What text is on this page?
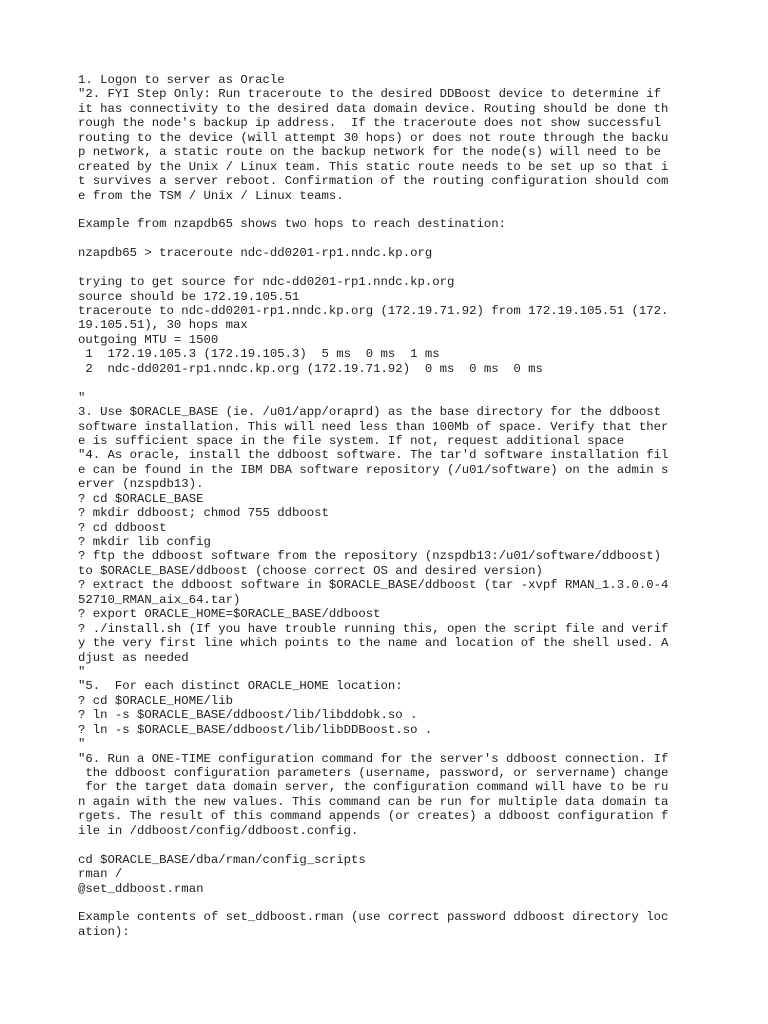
1. Logon to server as Oracle
"2. FYI Step Only: Run traceroute to the desired DDBoost device to determine if
it has connectivity to the desired data domain device. Routing should be done th
rough the node's backup ip address.  If the traceroute does not show successful
routing to the device (will attempt 30 hops) or does not route through the backu
p network, a static route on the backup network for the node(s) will need to be
created by the Unix / Linux team. This static route needs to be set up so that i
t survives a server reboot. Confirmation of the routing configuration should com
e from the TSM / Unix / Linux teams.
Example from nzapdb65 shows two hops to reach destination:
nzapdb65 > traceroute ndc-dd0201-rp1.nndc.kp.org
trying to get source for ndc-dd0201-rp1.nndc.kp.org
source should be 172.19.105.51
traceroute to ndc-dd0201-rp1.nndc.kp.org (172.19.71.92) from 172.19.105.51 (172.
19.105.51), 30 hops max
outgoing MTU = 1500
1  172.19.105.3 (172.19.105.3)  5 ms  0 ms  1 ms
2  ndc-dd0201-rp1.nndc.kp.org (172.19.71.92)  0 ms  0 ms  0 ms
"
3. Use $ORACLE_BASE (ie. /u01/app/oraprd) as the base directory for the ddboost
software installation. This will need less than 100Mb of space. Verify that ther
e is sufficient space in the file system. If not, request additional space
"4. As oracle, install the ddboost software. The tar'd software installation fil
e can be found in the IBM DBA software repository (/u01/software) on the admin s
erver (nzspdb13).
? cd $ORACLE_BASE
? mkdir ddboost; chmod 755 ddboost
? cd ddboost
? mkdir lib config
? ftp the ddboost software from the repository (nzspdb13:/u01/software/ddboost)
to $ORACLE_BASE/ddboost (choose correct OS and desired version)
? extract the ddboost software in $ORACLE_BASE/ddboost (tar -xvpf RMAN_1.3.0.0-4
52710_RMAN_aix_64.tar)
? export ORACLE_HOME=$ORACLE_BASE/ddboost
? ./install.sh (If you have trouble running this, open the script file and verif
y the very first line which points to the name and location of the shell used. A
djust as needed
"
"5.  For each distinct ORACLE_HOME location:
? cd $ORACLE_HOME/lib
? ln -s $ORACLE_BASE/ddboost/lib/libddobk.so .
? ln -s $ORACLE_BASE/ddboost/lib/libDDBoost.so .
"
"6. Run a ONE-TIME configuration command for the server's ddboost connection. If
the ddboost configuration parameters (username, password, or servername) change
for the target data domain server, the configuration command will have to be ru
n again with the new values. This command can be run for multiple data domain ta
rgets. The result of this command appends (or creates) a ddboost configuration f
ile in /ddboost/config/ddboost.config.
cd $ORACLE_BASE/dba/rman/config_scripts
rman /
@set_ddboost.rman
Example contents of set_ddboost.rman (use correct password ddboost directory loc
ation):
